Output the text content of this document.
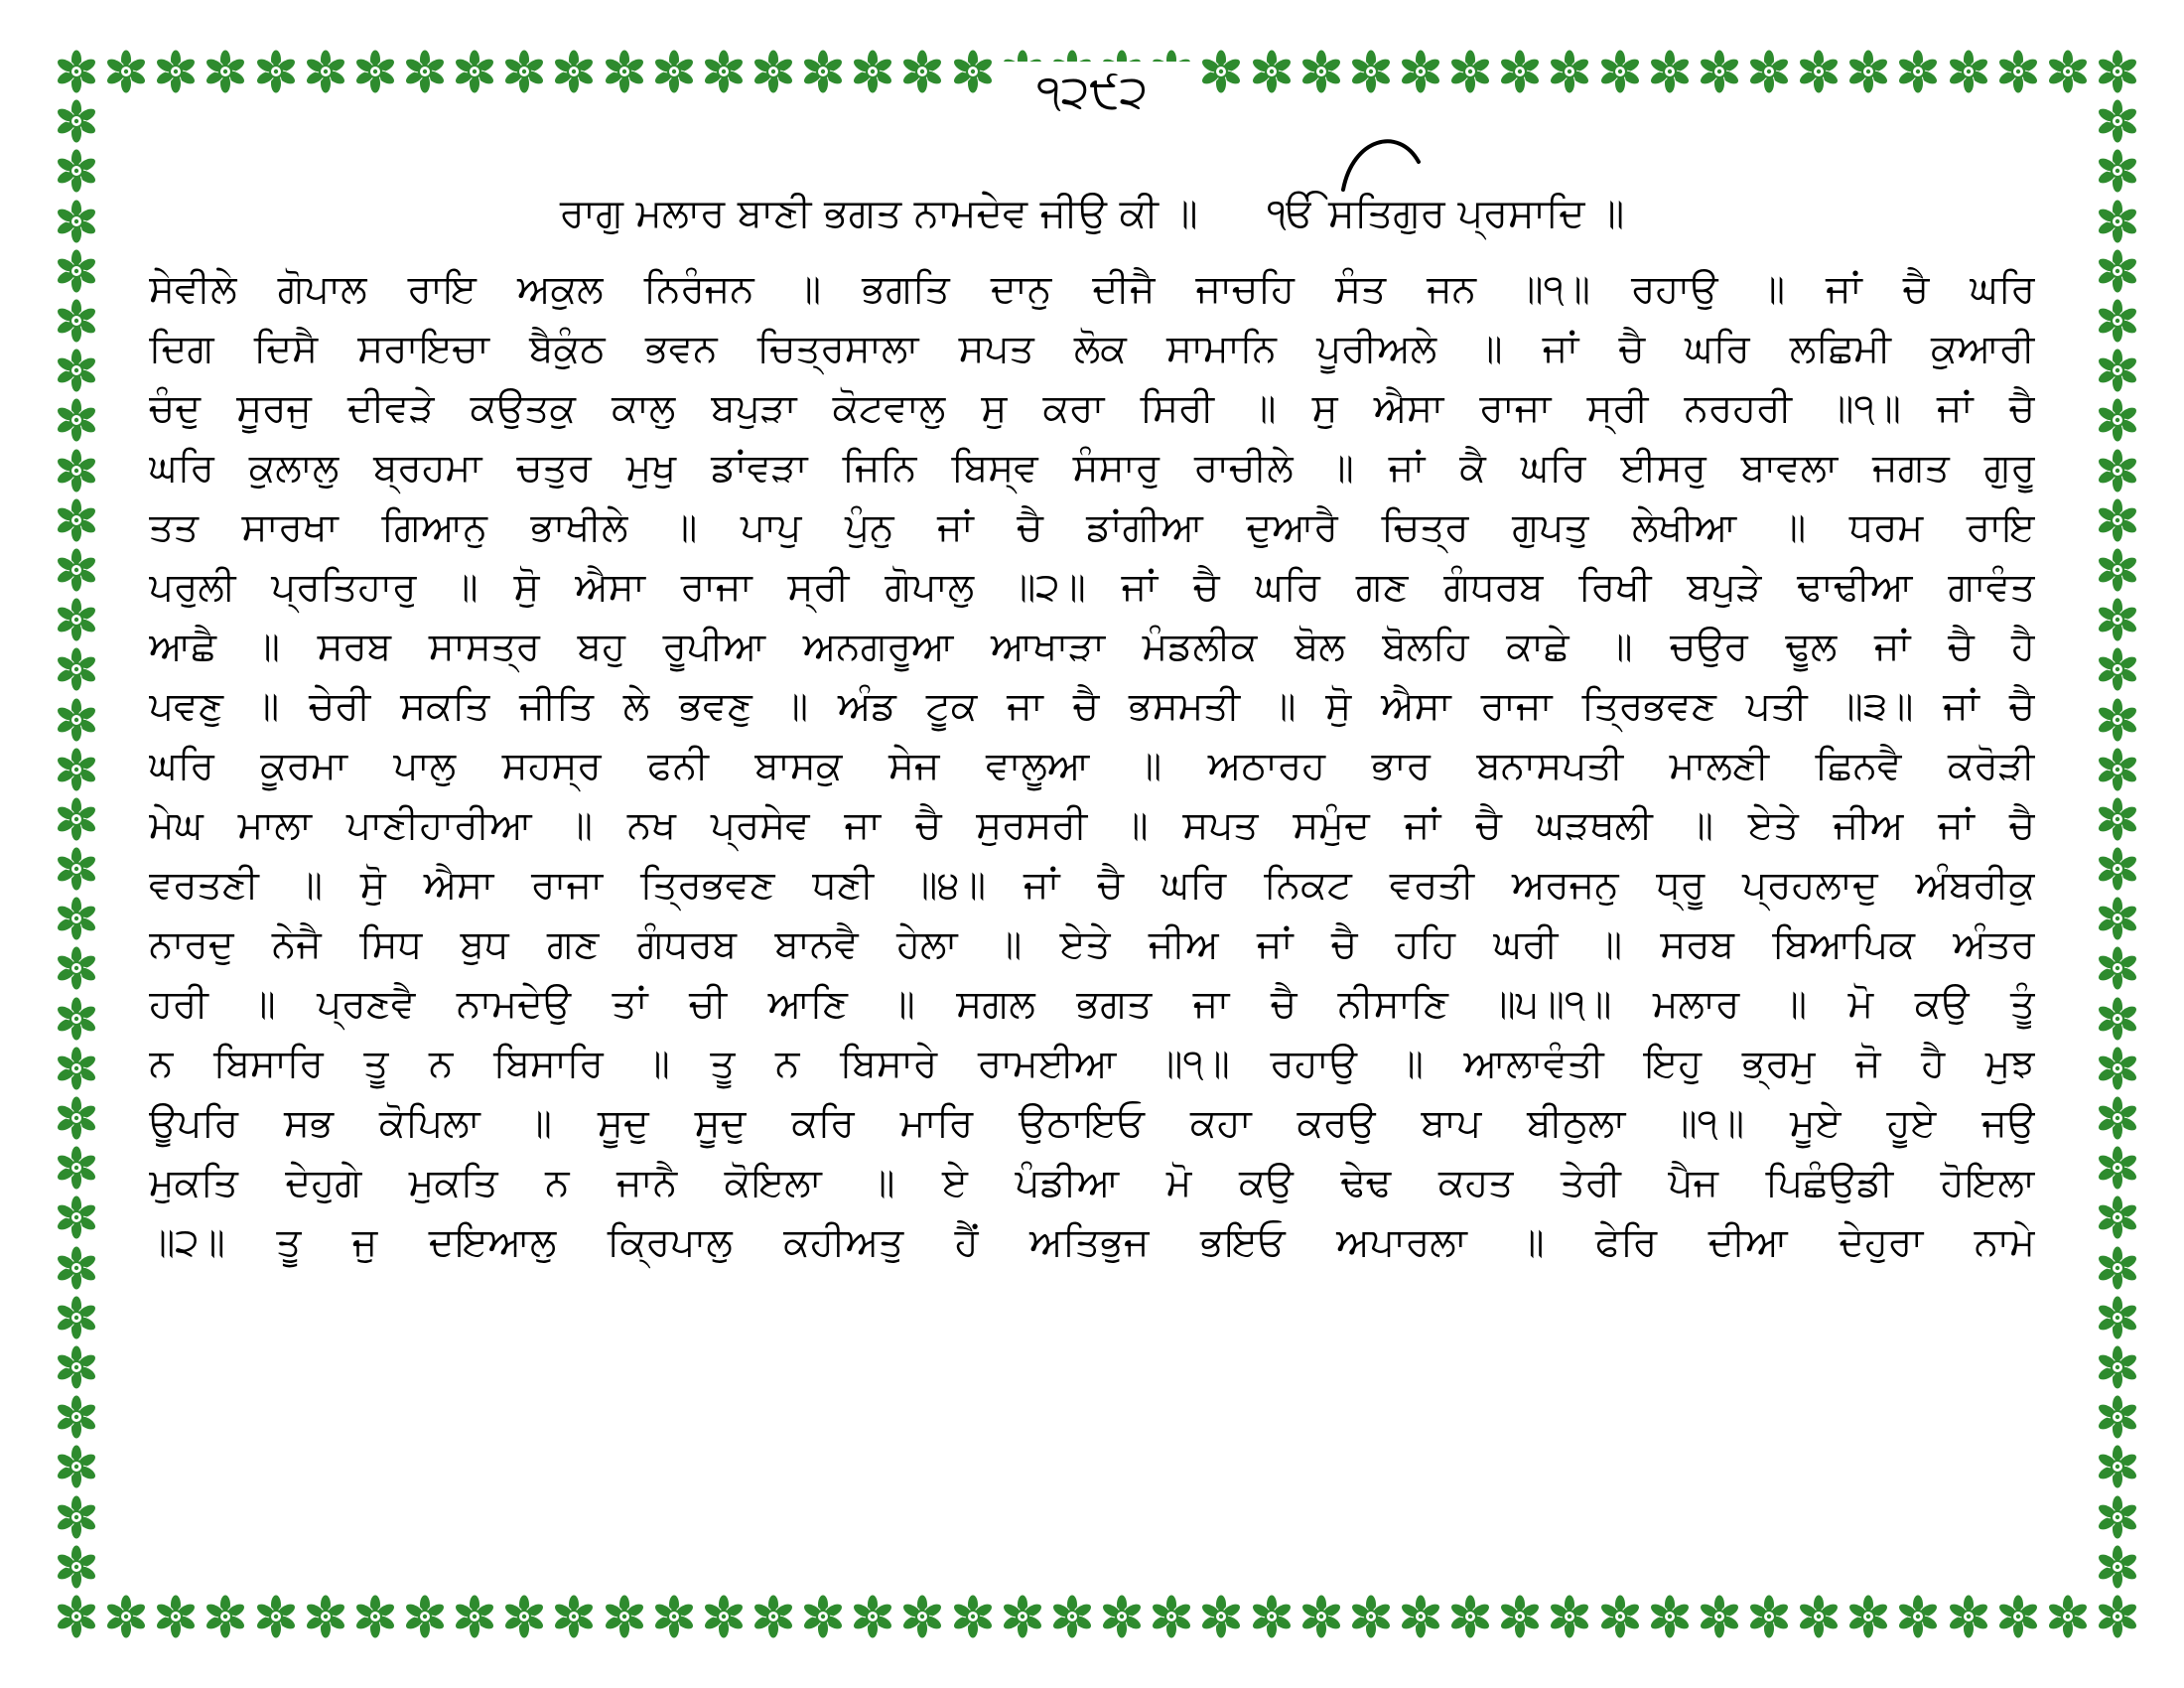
੧੨੯੨
ਰਾਗੁ ਮਲਾਰ ਬਾਣੀ ਭਗਤ ਨਾਮਦੇਵ ਜੀਉ ਕੀ ॥ ੴ ਸਤਿਗੁਰ ਪ੍ਰਸਾਦਿ ॥
ਸੇਵੀਲੇ ਗੋਪਾਲ ਰਾਇ ਅਕੁਲ ਨਿਰੰਜਨ ॥ ਭਗਤਿ ਦਾਨੁ ਦੀਜੈ ਜਾਚਹਿ ਸੰਤ ਜਨ ॥੧॥ ਰਹਾਉ ॥ ਜਾਂ ਚੈ ਘਰਿ
ਦਿਗ ਦਿਸੈ ਸਰਾਇਚਾ ਬੈਕੁੰਠ ਭਵਨ ਚਿਤ੍ਰਸਾਲਾ ਸਪਤ ਲੋਕ ਸਾਮਾਨਿ ਪੂਰੀਅਲੇ ॥ ਜਾਂ ਚੈ ਘਰਿ ਲਛਿਮੀ ਕੁਆਰੀ
ਚੰਦੁ ਸੂਰਜੁ ਦੀਵੜੇ ਕਉਤਕੁ ਕਾਲੁ ਬਪੁੜਾ ਕੋਟਵਾਲੁ ਸੁ ਕਰਾ ਸਿਰੀ ॥ ਸੁ ਐਸਾ ਰਾਜਾ ਸ੍ਰੀ ਨਰਹਰੀ ॥੧॥ ਜਾਂ ਚੈ
ਘਰਿ ਕੁਲਾਲੁ ਬ੍ਰਹਮਾ ਚਤੁਰ ਮੁਖੁ ਡਾਂਵੜਾ ਜਿਨਿ ਬਿਸ੍ਵ ਸੰਸਾਰੁ ਰਾਚੀਲੇ ॥ ਜਾਂ ਕੈ ਘਰਿ ਈਸਰੁ ਬਾਵਲਾ ਜਗਤ ਗੁਰੂ
ਤਤ ਸਾਰਖਾ ਗਿਆਨੁ ਭਾਖੀਲੇ ॥ ਪਾਪੁ ਪੁੰਨੁ ਜਾਂ ਚੈ ਡਾਂਗੀਆ ਦੁਆਰੈ ਚਿਤ੍ਰ ਗੁਪਤੁ ਲੇਖੀਆ ॥ ਧਰਮ ਰਾਇ
ਪਰੁਲੀ ਪ੍ਰਤਿਹਾਰੁ ॥ ਸੋੁ ਐਸਾ ਰਾਜਾ ਸ੍ਰੀ ਗੋਪਾਲੁ ॥੨॥ ਜਾਂ ਚੈ ਘਰਿ ਗਣ ਗੰਧਰਬ ਰਿਖੀ ਬਪੁੜੇ ਢਾਢੀਆ ਗਾਵੰਤ
ਆਛੈ ॥ ਸਰਬ ਸਾਸਤ੍ਰ ਬਹੁ ਰੂਪੀਆ ਅਨਗਰੂਆ ਆਖਾੜਾ ਮੰਡਲੀਕ ਬੋਲ ਬੋਲਹਿ ਕਾਛੇ ॥ ਚਉਰ ਢੂਲ ਜਾਂ ਚੈ ਹੈ
ਪਵਣੁ ॥ ਚੇਰੀ ਸਕਤਿ ਜੀਤਿ ਲੇ ਭਵਣੁ ॥ ਅੰਡ ਟੂਕ ਜਾ ਚੈ ਭਸਮਤੀ ॥ ਸੋੁ ਐਸਾ ਰਾਜਾ ਤ੍ਰਿਭਵਣ ਪਤੀ ॥੩॥ ਜਾਂ ਚੈ
ਘਰਿ ਕੂਰਮਾ ਪਾਲੁ ਸਹਸ੍ਰ ਫਨੀ ਬਾਸਕੁ ਸੇਜ ਵਾਲੂਆ ॥ ਅਠਾਰਹ ਭਾਰ ਬਨਾਸਪਤੀ ਮਾਲਣੀ ਛਿਨਵੈ ਕਰੋੜੀ
ਮੇਘ ਮਾਲਾ ਪਾਣੀਹਾਰੀਆ ॥ ਨਖ ਪ੍ਰਸੇਵ ਜਾ ਚੈ ਸੁਰਸਰੀ ॥ ਸਪਤ ਸਮੁੰਦ ਜਾਂ ਚੈ ਘੜਥਲੀ ॥ ਏਤੇ ਜੀਅ ਜਾਂ ਚੈ
ਵਰਤਣੀ ॥ ਸੋੁ ਐਸਾ ਰਾਜਾ ਤ੍ਰਿਭਵਣ ਧਣੀ ॥੪॥ ਜਾਂ ਚੈ ਘਰਿ ਨਿਕਟ ਵਰਤੀ ਅਰਜਨੁ ਧ੍ਰੂ ਪ੍ਰਹਲਾਦੁ ਅੰਬਰੀਕੁ
ਨਾਰਦੁ ਨੇਜੈ ਸਿਧ ਬੁਧ ਗਣ ਗੰਧਰਬ ਬਾਨਵੈ ਹੇਲਾ ॥ ਏਤੇ ਜੀਅ ਜਾਂ ਚੈ ਹਹਿ ਘਰੀ ॥ ਸਰਬ ਬਿਆਪਿਕ ਅੰਤਰ
ਹਰੀ ॥ ਪ੍ਰਣਵੈ ਨਾਮਦੇਉ ਤਾਂ ਚੀ ਆਣਿ ॥ ਸਗਲ ਭਗਤ ਜਾ ਚੈ ਨੀਸਾਣਿ ॥੫॥੧॥ ਮਲਾਰ ॥ ਮੋ ਕਉ ਤੂੰ
ਨ ਬਿਸਾਰਿ ਤੂ ਨ ਬਿਸਾਰਿ ॥ ਤੂ ਨ ਬਿਸਾਰੇ ਰਾਮਈਆ ॥੧॥ ਰਹਾਉ ॥ ਆਲਾਵੰਤੀ ਇਹੁ ਭ੍ਰਮੁ ਜੋ ਹੈ ਮੁਝ
ਊਪਰਿ ਸਭ ਕੋਪਿਲਾ ॥ ਸੂਦੁ ਸੂਦੁ ਕਰਿ ਮਾਰਿ ਉਠਾਇਓ ਕਹਾ ਕਰਉ ਬਾਪ ਬੀਠੁਲਾ ॥੧॥ ਮੂਏ ਹੂਏ ਜਉ
ਮੁਕਤਿ ਦੇਹੁਗੇ ਮੁਕਤਿ ਨ ਜਾਨੈ ਕੋਇਲਾ ॥ ਏ ਪੰਡੀਆ ਮੋ ਕਉ ਢੇਢ ਕਹਤ ਤੇਰੀ ਪੈਜ ਪਿਛੰਉਡੀ ਹੋਇਲਾ
॥੨॥ ਤੂ ਜੁ ਦਇਆਲੁ ਕ੍ਰਿਪਾਲੁ ਕਹੀਅਤੁ ਹੈਂ ਅਤਿਭੁਜ ਭਇਓ ਅਪਾਰਲਾ ॥ ਫੇਰਿ ਦੀਆ ਦੇਹੁਰਾ ਨਾਮੇ
